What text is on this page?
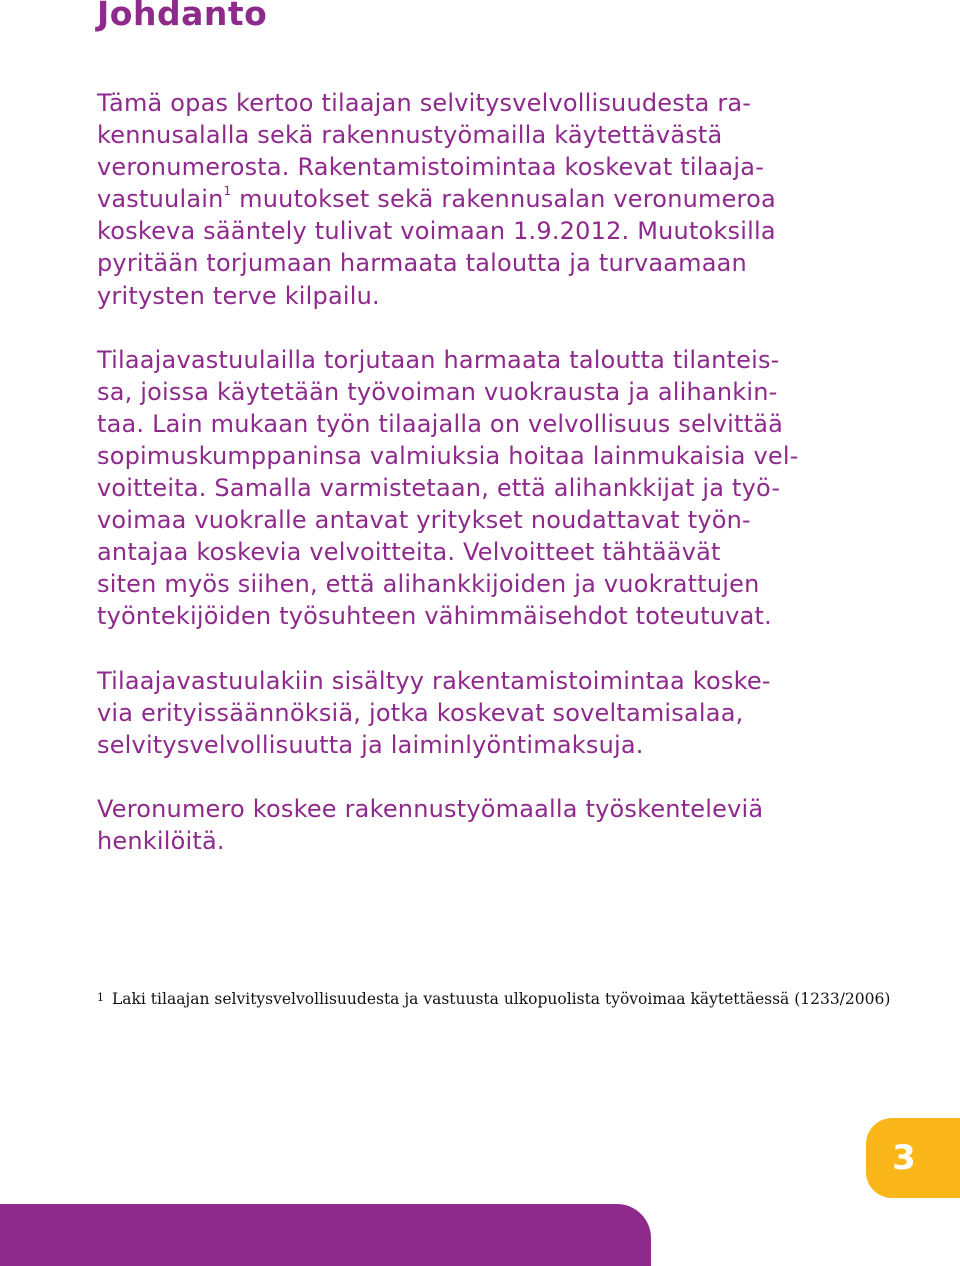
Johdanto

Tämä opas kertoo tilaajan selvitysvelvollisuudesta ra-
kennusalalla sekä rakennustyömailla käytettävästä
veronumerosta. Rakentamistoimintaa koskevat tilaaja-
vastuulain$^1$ muutokset sekä rakennusalan veronumeroa
koskeva sääntely tulivat voimaan 1.9.2012. Muutoksilla
pyritään torjumaan harmaata taloutta ja turvaamaan
yritysten terve kilpailu.

Tilaajavastuulailla torjutaan harmaata taloutta tilanteis-
sa, joissa käytetään työvoiman vuokrausta ja alihankin-
taa. Lain mukaan työn tilaajalla on velvollisuus selvittää
sopimuskumppaninsa valmiuksia hoitaa lainmukaisia vel-
voitteita. Samalla varmistetaan, että alihankkijat ja työ-
voimaa vuokralle antavat yritykset noudattavat työn-
antajaa koskevia velvoitteita. Velvoitteet tähtäävät
siten myös siihen, että alihankkijoiden ja vuokrattujen
työntekijöiden työsuhteen vähimmäisehdot toteutuvat.

Tilaajavastuulakiin sisältyy rakentamistoimintaa koske-
via erityissäännöksiä, jotka koskevat soveltamisalaa,
selvitysvelvollisuutta ja laiminlyöntimaksuja.

Veronumero koskee rakennustyömaalla työskenteleviä
henkilöitä.

1 Laki tilaajan selvitysvelvollisuudesta ja vastuusta ulkopuolista työvoimaa käytettäessä (1233/2006)
3
